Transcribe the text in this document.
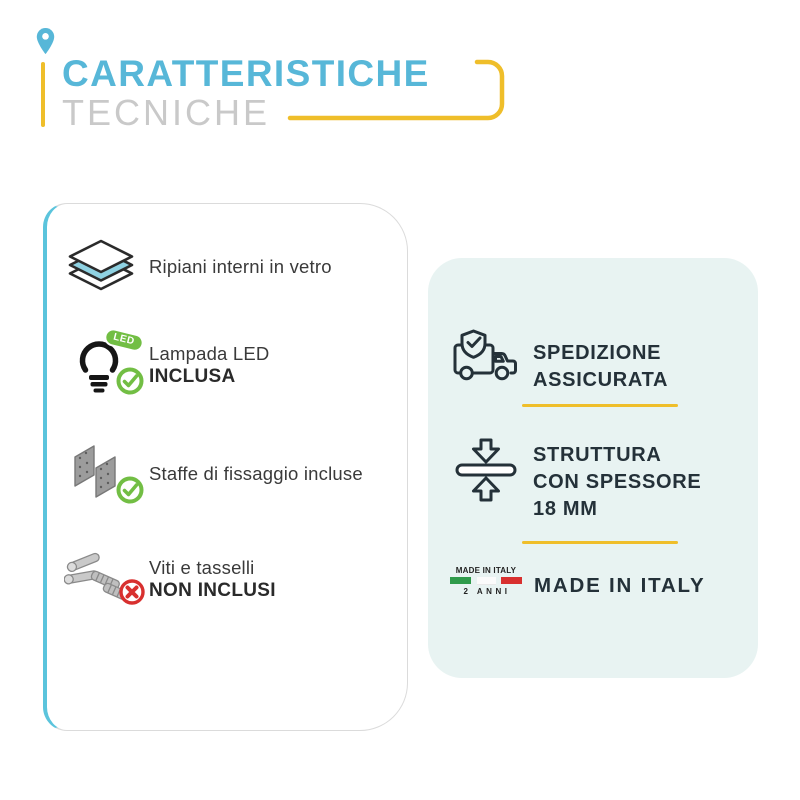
CARATTERISTICHE
TECNICHE
Ripiani interni in vetro
LED
Lampada LED
INCLUSA
Staffe di fissaggio incluse
Viti e tasselli
NON INCLUSI
SPEDIZIONE
ASSICURATA
STRUTTURA
CON SPESSORE
18 MM
MADE IN ITALY
2 ANNI	MADE IN ITALY
